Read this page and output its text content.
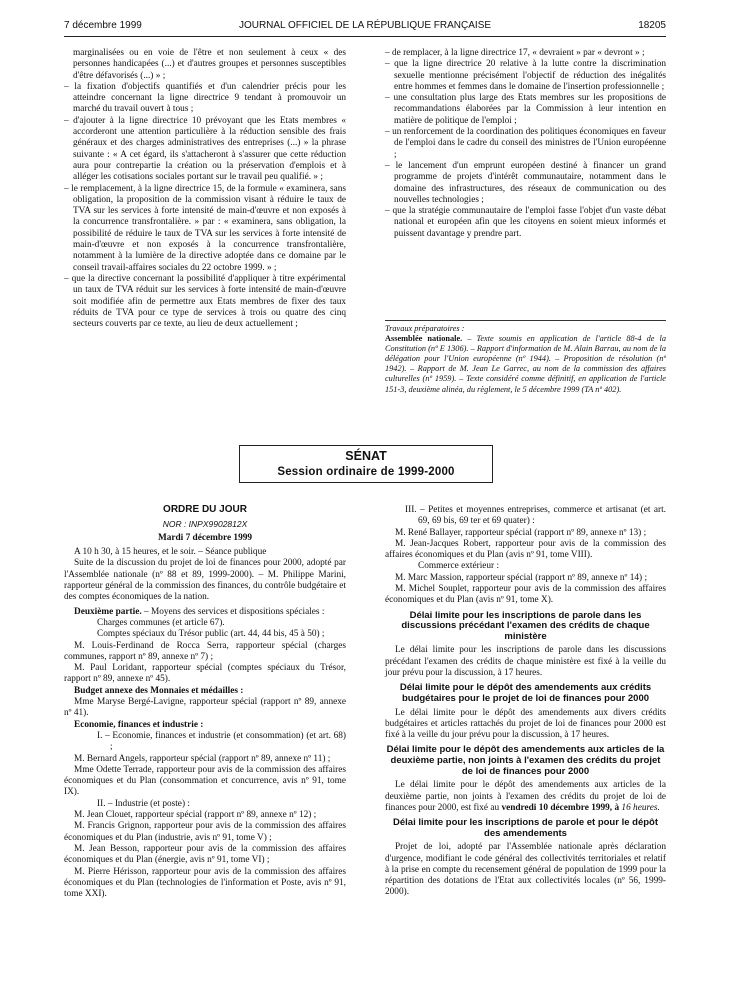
7 décembre 1999	JOURNAL OFFICIEL DE LA RÉPUBLIQUE FRANÇAISE	18205

marginalisées ou en voie de l'être et non seulement à ceux « des personnes handicapées (...) et d'autres groupes et personnes susceptibles d'être défavorisés (...) » ;

– la fixation d'objectifs quantifiés et d'un calendrier précis pour les atteindre concernant la ligne directrice 9 tendant à promouvoir un marché du travail ouvert à tous ;

– d'ajouter à la ligne directrice 10 prévoyant que les Etats membres « accorderont une attention particulière à la réduction sensible des frais généraux et des charges administratives des entreprises (...) » la phrase suivante : « A cet égard, ils s'attacheront à s'assurer que cette réduction aura pour contrepartie la création ou la préservation d'emplois et à alléger les cotisations sociales portant sur le travail peu qualifié. » ;

– le remplacement, à la ligne directrice 15, de la formule « examinera, sans obligation, la proposition de la commission visant à réduire le taux de TVA sur les services à forte intensité de main-d'œuvre et non exposés à la concurrence transfrontalière. » par : « examinera, sans obligation, la possibilité de réduire le taux de TVA sur les services à forte intensité de main-d'œuvre et non exposés à la concurrence transfrontalière, notamment à la lumière de la directive adoptée dans ce domaine par le conseil travail-affaires sociales du 22 octobre 1999. » ;

– que la directive concernant la possibilité d'appliquer à titre expérimental un taux de TVA réduit sur les services à forte intensité de main-d'œuvre soit modifiée afin de permettre aux Etats membres de fixer des taux réduits de TVA pour ce type de services à trois ou quatre des cinq secteurs couverts par ce texte, au lieu de deux actuellement ;

– de remplacer, à la ligne directrice 17, « devraient » par « devront » ;

– que la ligne directrice 20 relative à la lutte contre la discrimination sexuelle mentionne précisément l'objectif de réduction des inégalités entre hommes et femmes dans le domaine de l'insertion professionnelle ;

– une consultation plus large des Etats membres sur les propositions de recommandations élaborées par la Commission à leur intention en matière de politique de l'emploi ;

– un renforcement de la coordination des politiques économiques en faveur de l'emploi dans le cadre du conseil des ministres de l'Union européenne ;

– le lancement d'un emprunt européen destiné à financer un grand programme de projets d'intérêt communautaire, notamment dans le domaine des infrastructures, des réseaux de communication ou des nouvelles technologies ;

– que la stratégie communautaire de l'emploi fasse l'objet d'un vaste débat national et européen afin que les citoyens en soient mieux informés et puissent davantage y prendre part.

Travaux préparatoires :
Assemblée nationale. – Texte soumis en application de l'article 88-4 de la Constitution (nº E 1306). – Rapport d'information de M. Alain Barrau, au nom de la délégation pour l'Union européenne (nº 1944). – Proposition de résolution (nº 1942). – Rapport de M. Jean Le Garrec, au nom de la commission des affaires culturelles (nº 1959). – Texte considéré comme définitif, en application de l'article 151-3, deuxième alinéa, du règlement, le 5 décembre 1999 (TA nº 402).
SÉNAT
Session ordinaire de 1999-2000

ORDRE DU JOUR

NOR : INPX9902812X

Mardi 7 décembre 1999

A 10 h 30, à 15 heures, et le soir. – Séance publique

Suite de la discussion du projet de loi de finances pour 2000, adopté par l'Assemblée nationale (nº 88 et 89, 1999-2000). – M. Philippe Marini, rapporteur général de la commission des finances, du contrôle budgétaire et des comptes économiques de la nation.

Deuxième partie. – Moyens des services et dispositions spéciales :

Charges communes (et article 67).

Comptes spéciaux du Trésor public (art. 44, 44 bis, 45 à 50) ;

M. Louis-Ferdinand de Rocca Serra, rapporteur spécial (charges communes, rapport nº 89, annexe nº 7) ;

M. Paul Loridant, rapporteur spécial (comptes spéciaux du Trésor, rapport nº 89, annexe nº 45).

Budget annexe des Monnaies et médailles :

Mme Maryse Bergé-Lavigne, rapporteur spécial (rapport nº 89, annexe nº 41).

Economie, finances et industrie :

I. – Economie, finances et industrie (et consommation) (et art. 68) ;

M. Bernard Angels, rapporteur spécial (rapport nº 89, annexe nº 11) ;

Mme Odette Terrade, rapporteur pour avis de la commission des affaires économiques et du Plan (consommation et concurrence, avis nº 91, tome IX).

II. – Industrie (et poste) :

M. Jean Clouet, rapporteur spécial (rapport nº 89, annexe nº 12) ;

M. Francis Grignon, rapporteur pour avis de la commission des affaires économiques et du Plan (industrie, avis nº 91, tome V) ;

M. Jean Besson, rapporteur pour avis de la commission des affaires économiques et du Plan (énergie, avis nº 91, tome VI) ;

M. Pierre Hérisson, rapporteur pour avis de la commission des affaires économiques et du Plan (technologies de l'information et Poste, avis nº 91, tome XXI).

III. – Petites et moyennes entreprises, commerce et artisanat (et art. 69, 69 bis, 69 ter et 69 quater) :

M. René Ballayer, rapporteur spécial (rapport nº 89, annexe nº 13) ;

M. Jean-Jacques Robert, rapporteur pour avis de la commission des affaires économiques et du Plan (avis nº 91, tome VIII).

Commerce extérieur :

M. Marc Massion, rapporteur spécial (rapport nº 89, annexe nº 14) ;

M. Michel Souplet, rapporteur pour avis de la commission des affaires économiques et du Plan (avis nº 91, tome X).

Délai limite pour les inscriptions de parole dans les discussions précédant l'examen des crédits de chaque ministère

Le délai limite pour les inscriptions de parole dans les discussions précédant l'examen des crédits de chaque ministère est fixé à la veille du jour prévu pour la discussion, à 17 heures.

Délai limite pour le dépôt des amendements aux crédits budgétaires pour le projet de loi de finances pour 2000

Le délai limite pour le dépôt des amendements aux divers crédits budgétaires et articles rattachés du projet de loi de finances pour 2000 est fixé à la veille du jour prévu pour la discussion, à 17 heures.

Délai limite pour le dépôt des amendements aux articles de la deuxième partie, non joints à l'examen des crédits du projet de loi de finances pour 2000

Le délai limite pour le dépôt des amendements aux articles de la deuxième partie, non joints à l'examen des crédits du projet de loi de finances pour 2000, est fixé au vendredi 10 décembre 1999, à 16 heures.

Délai limite pour les inscriptions de parole et pour le dépôt des amendements

Projet de loi, adopté par l'Assemblée nationale après déclaration d'urgence, modifiant le code général des collectivités territoriales et relatif à la prise en compte du recensement général de population de 1999 pour la répartition des dotations de l'Etat aux collectivités locales (nº 56, 1999-2000).
